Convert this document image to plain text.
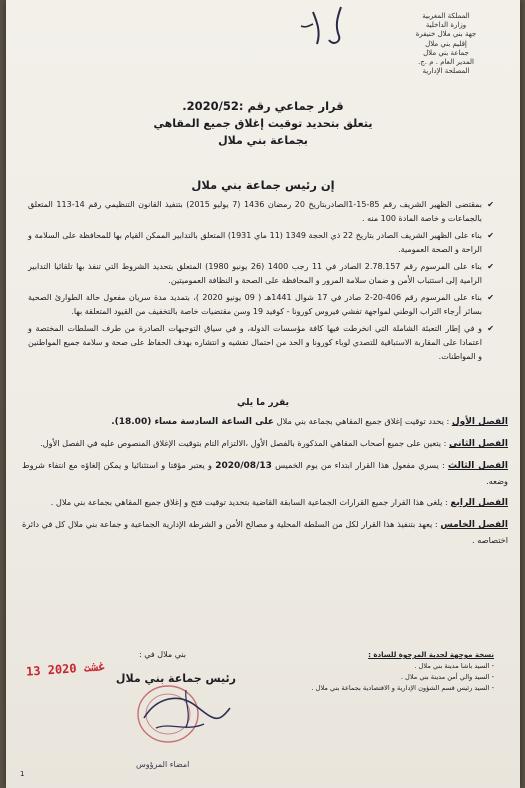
المملكة المغربية
وزارة الداخلية
جهة بني ملال خنيفرة
إقليم بني ملال
جماعة بني ملال
المدير العام . م .ج.
المصلحة الإدارية
قرار جماعي رقم :2020/52.
يتعلق بتحديد توقيت إغلاق جميع المقاهي
بجماعة بني ملال
إن رئيس جماعة بني ملال
✔
بمقتضى الظهير الشريف رقم 85-15-1الصادربتاريخ 20 رمضان 1436 (7 يوليو 2015) بتنفيذ القانون التنظيمي رقم 14-113 المتعلق بالجماعات و خاصة المادة 100 منه .
✔
بناء على الظهير الشريف الصادر بتاريخ 22 ذي الحجة 1349 (11 ماي 1931) المتعلق بالتدابير الممكن القيام بها للمحافظة على السلامة و الراحة و الصحة العمومية.
✔
بناء على المرسوم رقم 2.78.157 الصادر في 11 رجب 1400 (26 يونيو 1980) المتعلق بتحديد الشروط التي تنفذ بها تلقائيا التدابير الرامية إلى استتباب الأمن و ضمان سلامة المرور و المحافظة على الصحة و النظافة العموميتين.
✔
بناء على المرسوم رقم 406-20-2 صادر في 17 شوال 1441هـ ( 09 يونيو 2020 )، بتمديد مدة سريان مفعول حالة الطوارئ الصحية بسائر أرجاء التراب الوطني لمواجهة تفشي فيروس كورونا - كوفيد 19 وسن مقتضيات خاصة بالتخفيف من القيود المتعلقة بها.
✔
و في إطار التعبئة الشاملة التي انخرطت فيها كافة مؤسسات الدولة، و في سياق التوجيهات الصادرة من طرف السلطات المختصة و اعتمادا على المقاربة الاستباقية للتصدي لوباء كورونا و الحد من احتمال تفشيه و انتشاره بهدف الحفاظ على صحة و سلامة جميع المواطنين و المواطنات.
يقرر ما يلي
الفصل الأول : يحدد توقيت إغلاق جميع المقاهي بجماعة بني ملال على الساعة السادسة مساء (18.00).
الفصل الثاني : يتعين على جميع أصحاب المقاهي المذكورة بالفصل الأول ،الالتزام التام بتوقيت الإغلاق المنصوص عليه في الفصل الأول.
الفصل الثالث : يسري مفعول هذا القرار ابتداء من يوم الخميس 2020/08/13 و يعتبر مؤقتا و استثنائيا و يمكن إلغاؤه مع انتفاء شروط وضعه.
الفصل الرابع : يلغى هذا القرار جميع القرارات الجماعية السابقة القاضية بتحديد توقيت فتح و إغلاق جميع المقاهي بجماعة بني ملال .
الفصل الخامس : يعهد بتنفيذ هذا القرار لكل من السلطة المحلية و مصالح الأمن و الشرطة الإدارية الجماعية و جماعة بني ملال كل في دائرة اختصاصه .
بني ملال في :
رئيس جماعة بني ملال
13 غشت 2020
امضاء المرؤوس
نسخة موجهة لحدية المرجوة للسادة :
- السيد باشا مدينة بني ملال .
- السيد والي أمن مدينة بني ملال .
- السيد رئيس قسم الشؤون الإدارية و الاقتصادية بجماعة بني ملال .
1
